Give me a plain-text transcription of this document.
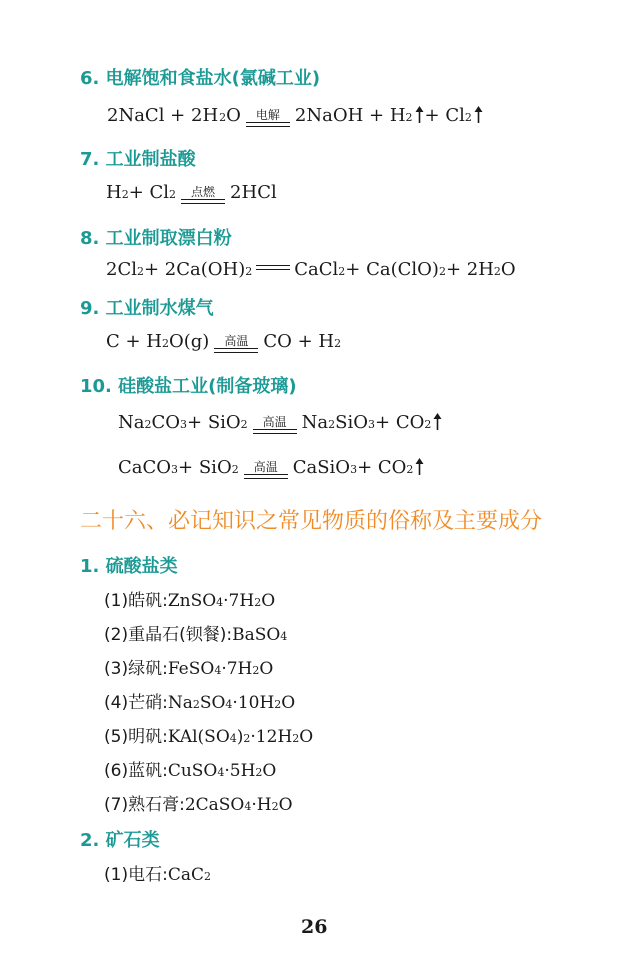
6. 电解饱和食盐水(氯碱工业)
7. 工业制盐酸
8. 工业制取漂白粉
9. 工业制水煤气
10. 硅酸盐工业(制备玻璃)
2NaCl + 2H 2 O	电解 2NaOH + H 2 + Cl 2
H 2 + Cl 2	点燃 2HCl
2Cl 2 + 2Ca(OH) 2 CaCl 2 + Ca(ClO) 2 + 2H 2 O
C + H 2 O(g)	高温 CO + H 2
Na 2 CO 3 + SiO 2	高温 Na 2 SiO 3 + CO 2
CaCO 3 + SiO 2	高温 CaSiO 3 + CO 2
二十六、必记知识之常见物质的俗称及主要成分
1. 硫酸盐类
2. 矿石类
(1)皓矾: ZnSO 4 ·7H 2 O
(2)重晶石(钡餐): BaSO 4
(3)绿矾: FeSO 4 ·7H 2 O
(4)芒硝: Na 2 SO 4 ·10H 2 O
(5)明矾: KAl(SO 4 ) 2 ·12H 2 O
(6)蓝矾: CuSO 4 ·5H 2 O
(7)熟石膏: 2CaSO 4 ·H 2 O
(1)电石: CaC 2
26
